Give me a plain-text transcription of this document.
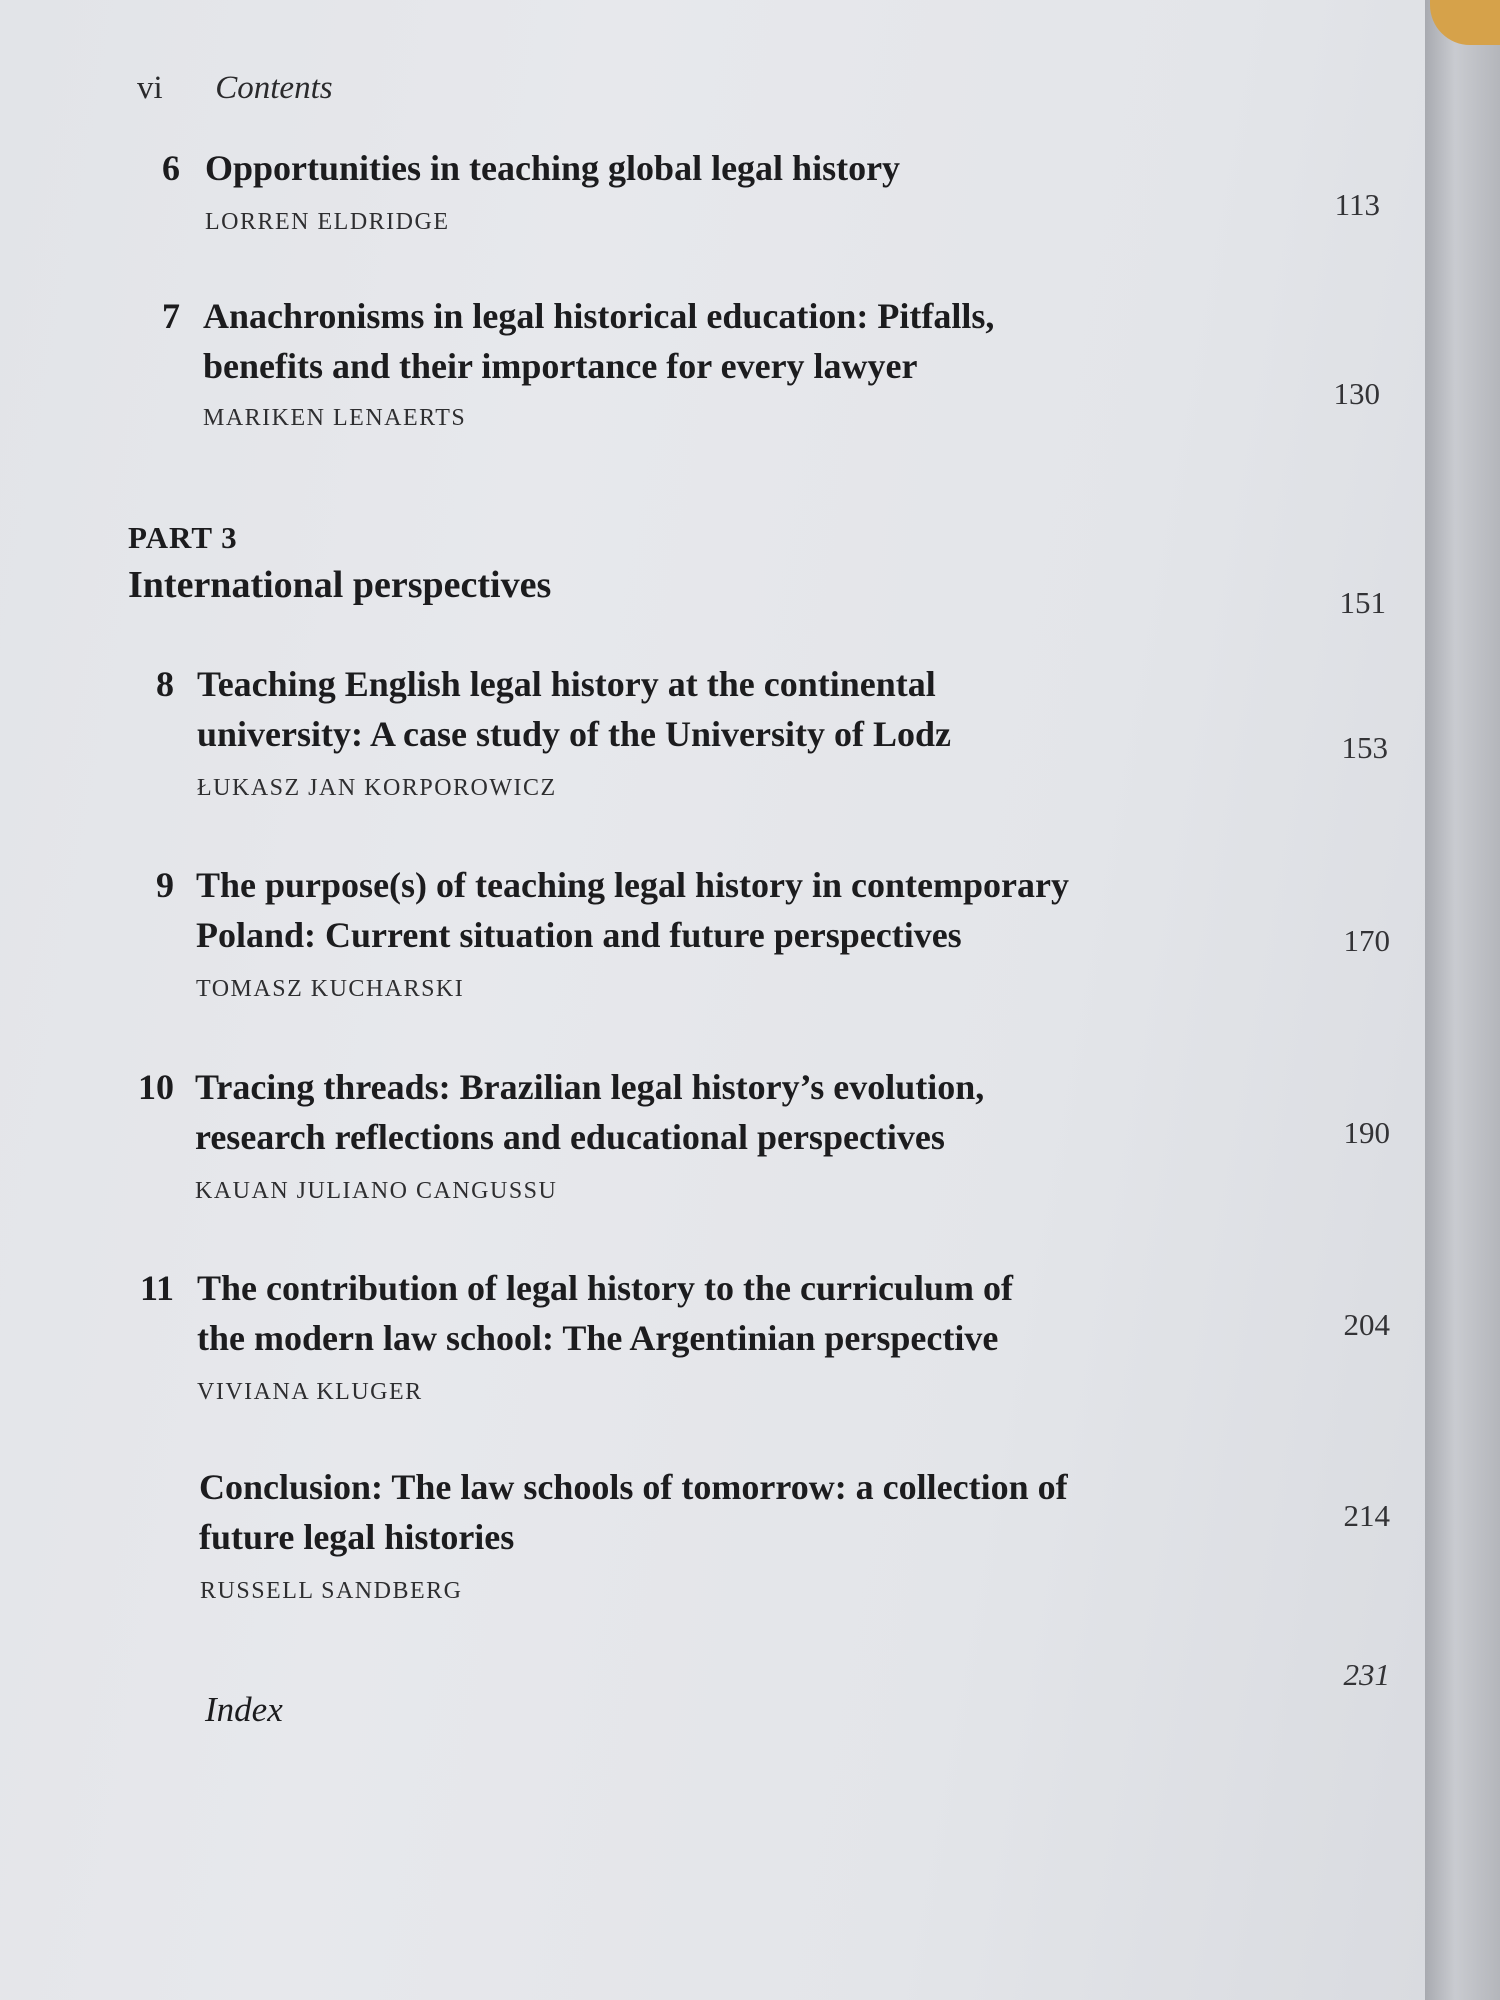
vi Contents
6 Opportunities in teaching global legal history
LORREN ELDRIDGE	113
7 Anachronisms in legal historical education: Pitfalls,
benefits and their importance for every lawyer
MARIKEN LENAERTS
130
PART 3
International perspectives	151
8 Teaching English legal history at the continental
university: A case study of the University of Lodz
ŁUKASZ JAN KORPOROWICZ
153
9 The purpose(s) of teaching legal history in contemporary
Poland: Current situation and future perspectives
TOMASZ KUCHARSKI
170
10 Tracing threads: Brazilian legal history’s evolution,
research reflections and educational perspectives
KAUAN JULIANO CANGUSSU
190
11 The contribution of legal history to the curriculum of
the modern law school: The Argentinian perspective
VIVIANA KLUGER
204
Conclusion: The law schools of tomorrow: a collection of
future legal histories
RUSSELL SANDBERG
214
Index
231
